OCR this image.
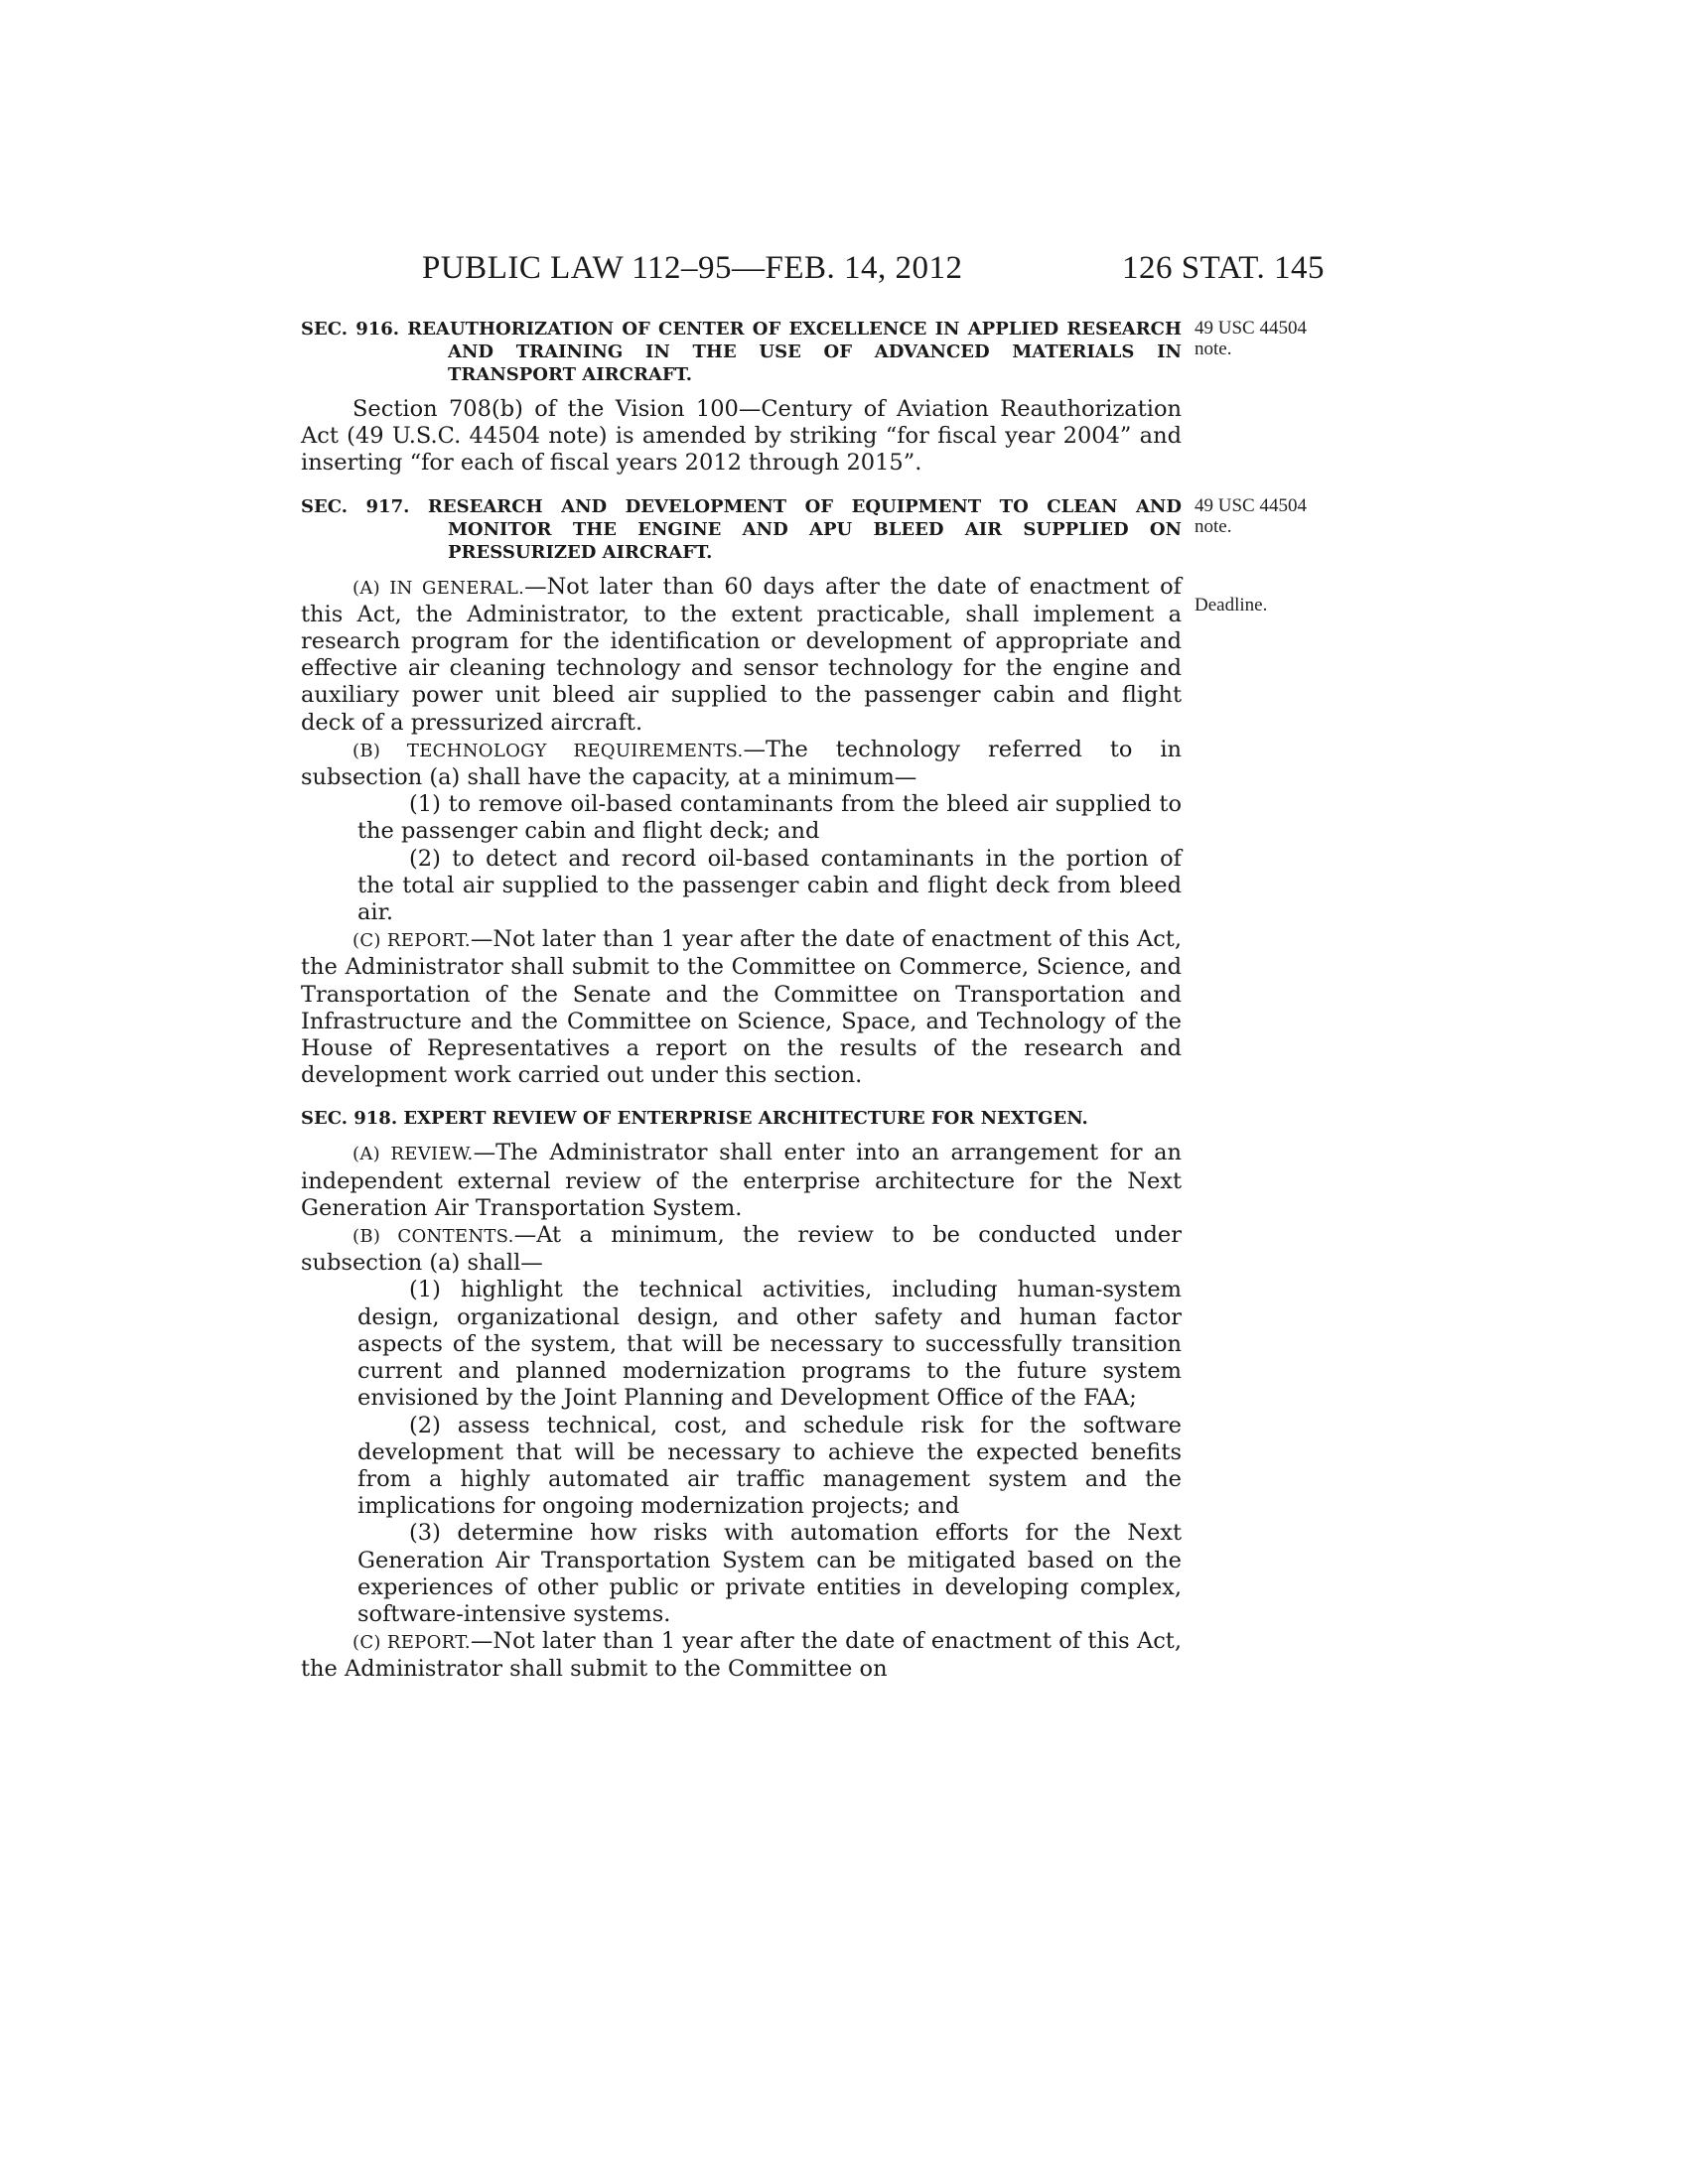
PUBLIC LAW 112–95—FEB. 14, 2012	126 STAT. 145
49 USC 44504
note.

SEC. 916. REAUTHORIZATION OF CENTER OF EXCELLENCE IN APPLIED RESEARCH AND TRAINING IN THE USE OF ADVANCED MATERIALS IN TRANSPORT AIRCRAFT.

Section 708(b) of the Vision 100—Century of Aviation Reauthorization Act (49 U.S.C. 44504 note) is amended by striking “for fiscal year 2004” and inserting “for each of fiscal years 2012 through 2015”.

49 USC 44504
note.
Deadline.

SEC. 917. RESEARCH AND DEVELOPMENT OF EQUIPMENT TO CLEAN AND MONITOR THE ENGINE AND APU BLEED AIR SUPPLIED ON PRESSURIZED AIRCRAFT.

(A) IN GENERAL.—Not later than 60 days after the date of enactment of this Act, the Administrator, to the extent practicable, shall implement a research program for the identification or development of appropriate and effective air cleaning technology and sensor technology for the engine and auxiliary power unit bleed air supplied to the passenger cabin and flight deck of a pressurized aircraft.

(B) TECHNOLOGY REQUIREMENTS.—The technology referred to in subsection (a) shall have the capacity, at a minimum—

(1) to remove oil-based contaminants from the bleed air supplied to the passenger cabin and flight deck; and

(2) to detect and record oil-based contaminants in the portion of the total air supplied to the passenger cabin and flight deck from bleed air.

(C) REPORT.—Not later than 1 year after the date of enactment of this Act, the Administrator shall submit to the Committee on Commerce, Science, and Transportation of the Senate and the Committee on Transportation and Infrastructure and the Committee on Science, Space, and Technology of the House of Representatives a report on the results of the research and development work carried out under this section.

SEC. 918. EXPERT REVIEW OF ENTERPRISE ARCHITECTURE FOR NEXTGEN.

(A) REVIEW.—The Administrator shall enter into an arrangement for an independent external review of the enterprise architecture for the Next Generation Air Transportation System.

(B) CONTENTS.—At a minimum, the review to be conducted under subsection (a) shall—

(1) highlight the technical activities, including human-system design, organizational design, and other safety and human factor aspects of the system, that will be necessary to successfully transition current and planned modernization programs to the future system envisioned by the Joint Planning and Development Office of the FAA;

(2) assess technical, cost, and schedule risk for the software development that will be necessary to achieve the expected benefits from a highly automated air traffic management system and the implications for ongoing modernization projects; and

(3) determine how risks with automation efforts for the Next Generation Air Transportation System can be mitigated based on the experiences of other public or private entities in developing complex, software-intensive systems.

(C) REPORT.—Not later than 1 year after the date of enactment of this Act, the Administrator shall submit to the Committee on
